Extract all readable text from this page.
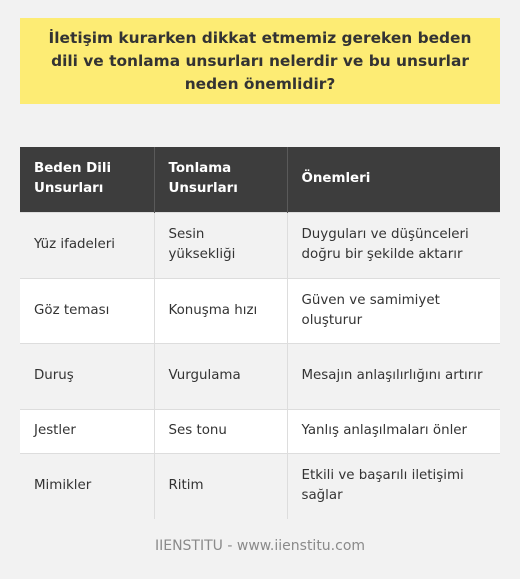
İletişim kurarken dikkat etmemiz gereken beden dili ve tonlama unsurları nelerdir ve bu unsurlar neden önemlidir?
Beden Dili Unsurları	Tonlama Unsurları	Önemleri
Yüz ifadeleri	Sesin yüksekliği	Duyguları ve düşünceleri doğru bir şekilde aktarır
Göz teması	Konuşma hızı	Güven ve samimiyet oluşturur
Duruş	Vurgulama	Mesajın anlaşılırlığını artırır
Jestler	Ses tonu	Yanlış anlaşılmaları önler
Mimikler	Ritim	Etkili ve başarılı iletişimi sağlar
IIENSTITU - www.iienstitu.com
